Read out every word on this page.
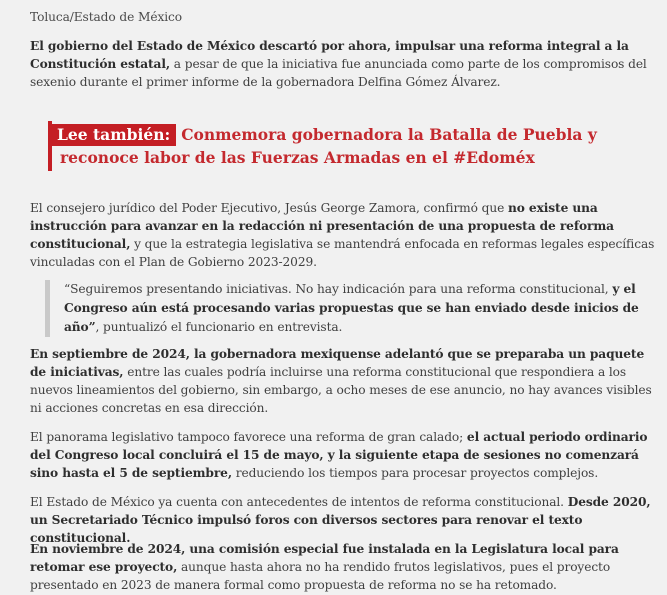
Toluca/Estado de México

El gobierno del Estado de México descartó por ahora, impulsar una reforma integral a la Constitución estatal, a pesar de que la iniciativa fue anunciada como parte de los compromisos del sexenio durante el primer informe de la gobernadora Delfina Gómez Álvarez.

Lee también: Conmemora gobernadora la Batalla de Puebla y reconoce labor de las Fuerzas Armadas en el #Edoméx

El consejero jurídico del Poder Ejecutivo, Jesús George Zamora, confirmó que no existe una instrucción para avanzar en la redacción ni presentación de una propuesta de reforma constitucional, y que la estrategia legislativa se mantendrá enfocada en reformas legales específicas vinculadas con el Plan de Gobierno 2023-2029.

“Seguiremos presentando iniciativas. No hay indicación para una reforma constitucional, y el Congreso aún está procesando varias propuestas que se han enviado desde inicios de año”, puntualizó el funcionario en entrevista.

En septiembre de 2024, la gobernadora mexiquense adelantó que se preparaba un paquete de iniciativas, entre las cuales podría incluirse una reforma constitucional que respondiera a los nuevos lineamientos del gobierno, sin embargo, a ocho meses de ese anuncio, no hay avances visibles ni acciones concretas en esa dirección.

El panorama legislativo tampoco favorece una reforma de gran calado; el actual periodo ordinario del Congreso local concluirá el 15 de mayo, y la siguiente etapa de sesiones no comenzará sino hasta el 5 de septiembre, reduciendo los tiempos para procesar proyectos complejos.

El Estado de México ya cuenta con antecedentes de intentos de reforma constitucional. Desde 2020, un Secretariado Técnico impulsó foros con diversos sectores para renovar el texto constitucional.

En noviembre de 2024, una comisión especial fue instalada en la Legislatura local para retomar ese proyecto, aunque hasta ahora no ha rendido frutos legislativos, pues el proyecto presentado en 2023 de manera formal como propuesta de reforma no se ha retomado.
